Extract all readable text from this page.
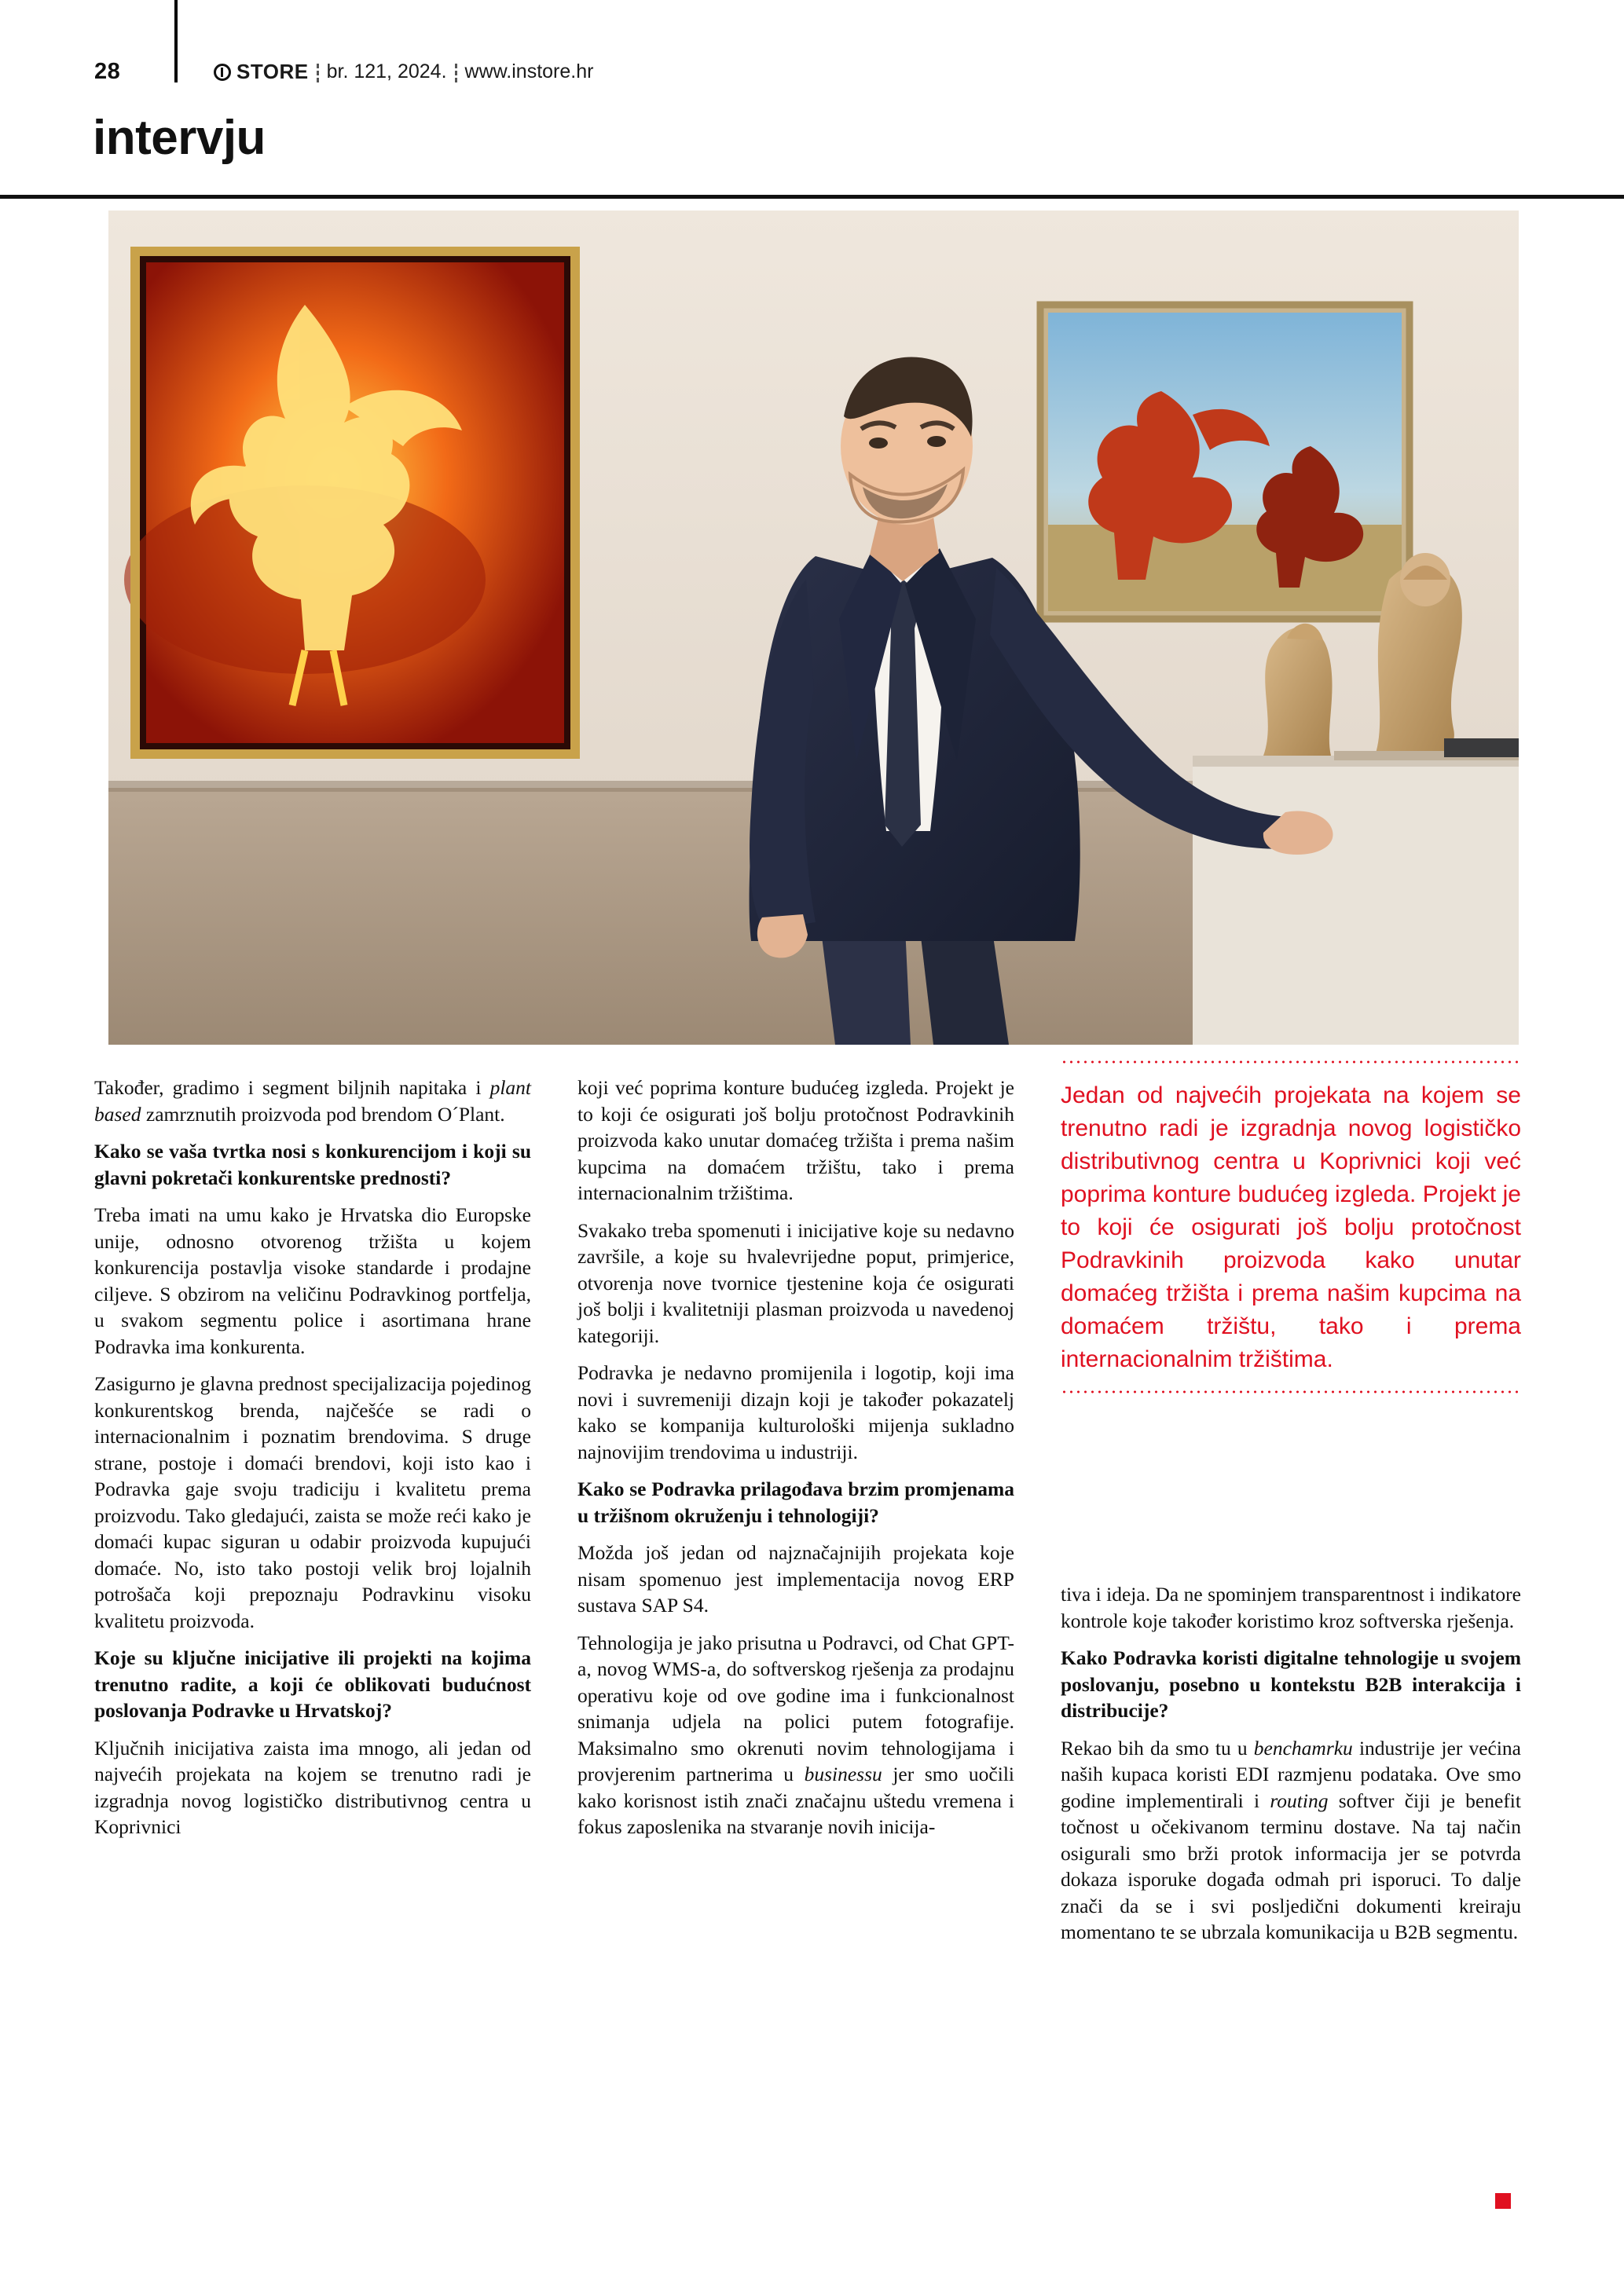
28	STORE br. 121, 2024. www.instore.hr
intervju

Također, gradimo i segment biljnih napitaka i plant based zamrznutih proizvoda pod brendom O´Plant.

Kako se vaša tvrtka nosi s konkurencijom i koji su glavni pokretači konkurentske prednosti?

Treba imati na umu kako je Hrvatska dio Europske unije, odnosno otvorenog tržišta u kojem konkurencija postavlja visoke standarde i prodajne ciljeve. S obzirom na veličinu Podravkinog portfelja, u svakom segmentu police i asortimana hrane Podravka ima konkurenta.

Zasigurno je glavna prednost specijalizacija pojedinog konkurentskog brenda, najčešće se radi o internacionalnim i poznatim brendovima. S druge strane, postoje i domaći brendovi, koji isto kao i Podravka gaje svoju tradiciju i kvalitetu prema proizvodu. Tako gledajući, zaista se može reći kako je domaći kupac siguran u odabir proizvoda kupujući domaće. No, isto tako postoji velik broj lojalnih potrošača koji prepoznaju Podravkinu visoku kvalitetu proizvoda.

Koje su ključne inicijative ili projekti na kojima trenutno radite, a koji će oblikovati budućnost poslovanja Podravke u Hrvatskoj?

Ključnih inicijativa zaista ima mnogo, ali jedan od najvećih projekata na kojem se trenutno radi je izgradnja novog logističko distributivnog centra u Koprivnici

koji već poprima konture budućeg izgleda. Projekt je to koji će osigurati još bolju protočnost Podravkinih proizvoda kako unutar domaćeg tržišta i prema našim kupcima na domaćem tržištu, tako i prema internacionalnim tržištima.

Svakako treba spomenuti i inicijative koje su nedavno završile, a koje su hvalevrijedne poput, primjerice, otvorenja nove tvornice tjestenine koja će osigurati još bolji i kvalitetniji plasman proizvoda u navedenoj kategoriji.

Podravka je nedavno promijenila i logotip, koji ima novi i suvremeniji dizajn koji je također pokazatelj kako se kompanija kulturološki mijenja sukladno najnovijim trendovima u industriji.

Kako se Podravka prilagođava brzim promjenama u tržišnom okruženju i tehnologiji?

Možda još jedan od najznačajnijih projekata koje nisam spomenuo jest implementacija novog ERP sustava SAP S4.

Tehnologija je jako prisutna u Podravci, od Chat GPT-a, novog WMS-a, do softverskog rješenja za prodajnu operativu koje od ove godine ima i funkcionalnost snimanja udjela na polici putem fotografije. Maksimalno smo okrenuti novim tehnologijama i provjerenim partnerima u businessu jer smo uočili kako korisnost istih znači značajnu uštedu vremena i fokus zaposlenika na stvaranje novih inicija-

Jedan od najvećih projekata na kojem se trenutno radi je izgradnja novog logističko distributivnog centra u Koprivnici koji već poprima konture budućeg izgleda. Projekt je to koji će osigurati još bolju protočnost Podravkinih proizvoda kako unutar domaćeg tržišta i prema našim kupcima na domaćem tržištu, tako i prema internacionalnim tržištima.

tiva i ideja. Da ne spominjem transparentnost i indikatore kontrole koje također koristimo kroz softverska rješenja.

Kako Podravka koristi digitalne tehnologije u svojem poslovanju, posebno u kontekstu B2B interakcija i distribucije?

Rekao bih da smo tu u benchamrku industrije jer većina naših kupaca koristi EDI razmjenu podataka. Ove smo godine implementirali i routing softver čiji je benefit točnost u očekivanom terminu dostave. Na taj način osigurali smo brži protok informacija jer se potvrda dokaza isporuke događa odmah pri isporuci. To dalje znači da se i svi posljedični dokumenti kreiraju momentano te se ubrzala komunikacija u B2B segmentu.
